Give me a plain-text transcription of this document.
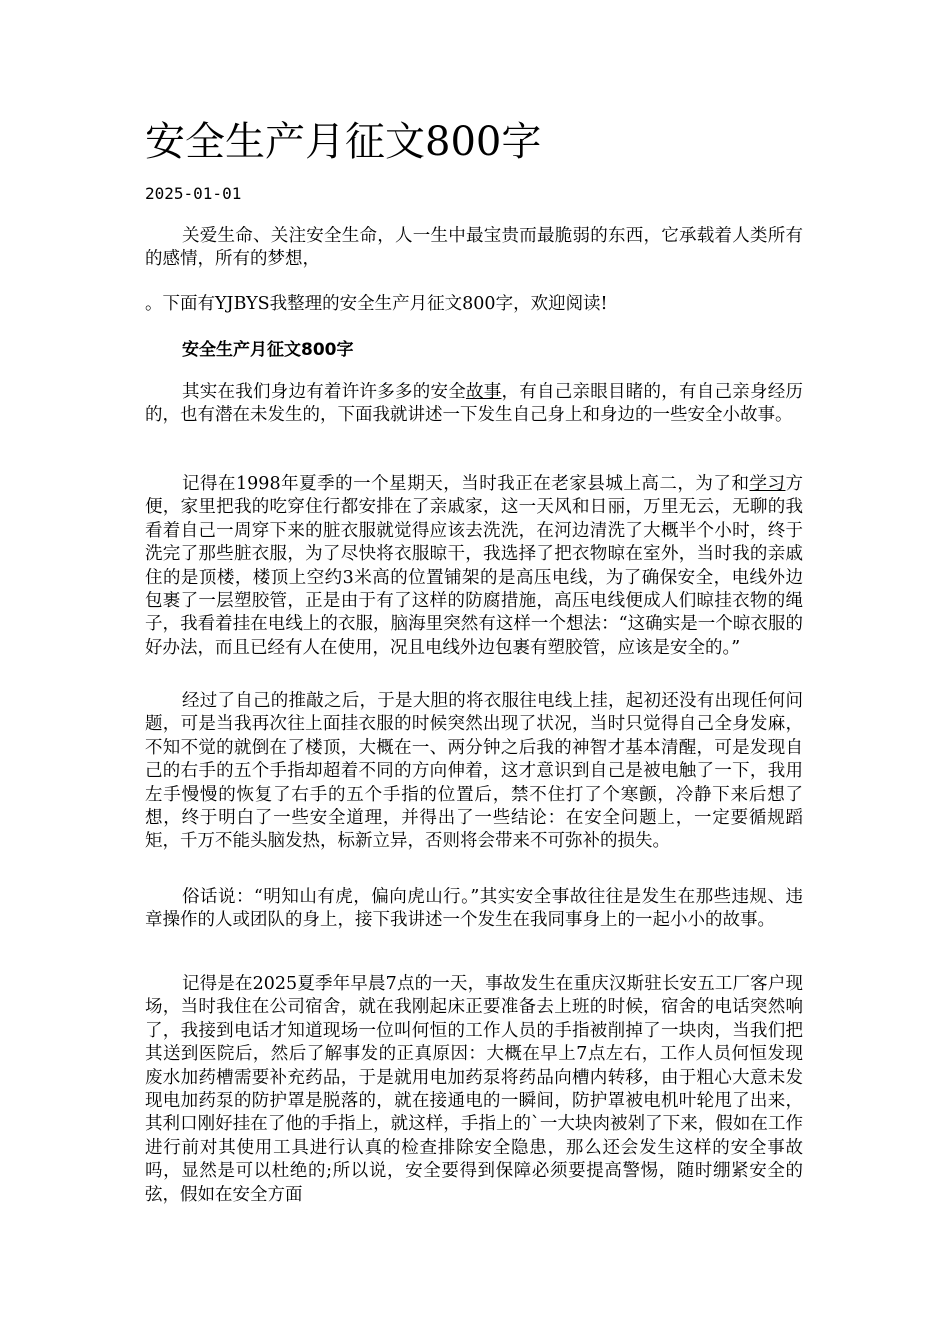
安全生产月征文800字
2025-01-01

关爱生命、关注安全生命，人一生中最宝贵而最脆弱的东西，它承载着人类所有的感情，所有的梦想，

。下面有YJBYS我整理的安全生产月征文800字，欢迎阅读!

安全生产月征文800字

其实在我们身边有着许许多多的安全故事，有自己亲眼目睹的，有自己亲身经历的，也有潜在未发生的，下面我就讲述一下发生自己身上和身边的一些安全小故事。

记得在1998年夏季的一个星期天，当时我正在老家县城上高二，为了和学习方便，家里把我的吃穿住行都安排在了亲戚家，这一天风和日丽，万里无云，无聊的我看着自己一周穿下来的脏衣服就觉得应该去洗洗，在河边清洗了大概半个小时，终于洗完了那些脏衣服，为了尽快将衣服晾干，我选择了把衣物晾在室外，当时我的亲戚住的是顶楼，楼顶上空约3米高的位置铺架的是高压电线，为了确保安全，电线外边包裹了一层塑胶管，正是由于有了这样的防腐措施，高压电线便成人们晾挂衣物的绳子，我看着挂在电线上的衣服，脑海里突然有这样一个想法：“这确实是一个晾衣服的好办法，而且已经有人在使用，况且电线外边包裹有塑胶管，应该是安全的。”

经过了自己的推敲之后，于是大胆的将衣服往电线上挂，起初还没有出现任何问题，可是当我再次往上面挂衣服的时候突然出现了状况，当时只觉得自己全身发麻，不知不觉的就倒在了楼顶，大概在一、两分钟之后我的神智才基本清醒，可是发现自己的右手的五个手指却超着不同的方向伸着，这才意识到自己是被电触了一下，我用左手慢慢的恢复了右手的五个手指的位置后，禁不住打了个寒颤，冷静下来后想了想，终于明白了一些安全道理，并得出了一些结论：在安全问题上，一定要循规蹈矩，千万不能头脑发热，标新立异，否则将会带来不可弥补的损失。

俗话说：“明知山有虎，偏向虎山行。”其实安全事故往往是发生在那些违规、违章操作的人或团队的身上，接下我讲述一个发生在我同事身上的一起小小的故事。

记得是在2025夏季年早晨7点的一天，事故发生在重庆汉斯驻长安五工厂客户现场，当时我住在公司宿舍，就在我刚起床正要准备去上班的时候，宿舍的电话突然响了，我接到电话才知道现场一位叫何恒的工作人员的手指被削掉了一块肉，当我们把其送到医院后，然后了解事发的正真原因：大概在早上7点左右，工作人员何恒发现废水加药槽需要补充药品，于是就用电加药泵将药品向槽内转移，由于粗心大意未发现电加药泵的防护罩是脱落的，就在接通电的一瞬间，防护罩被电机叶轮甩了出来，其利口刚好挂在了他的手指上，就这样，手指上的`一大块肉被剁了下来，假如在工作进行前对其使用工具进行认真的检查排除安全隐患，那么还会发生这样的安全事故吗，显然是可以杜绝的;所以说，安全要得到保障必须要提高警惕，随时绷紧安全的弦，假如在安全方面
